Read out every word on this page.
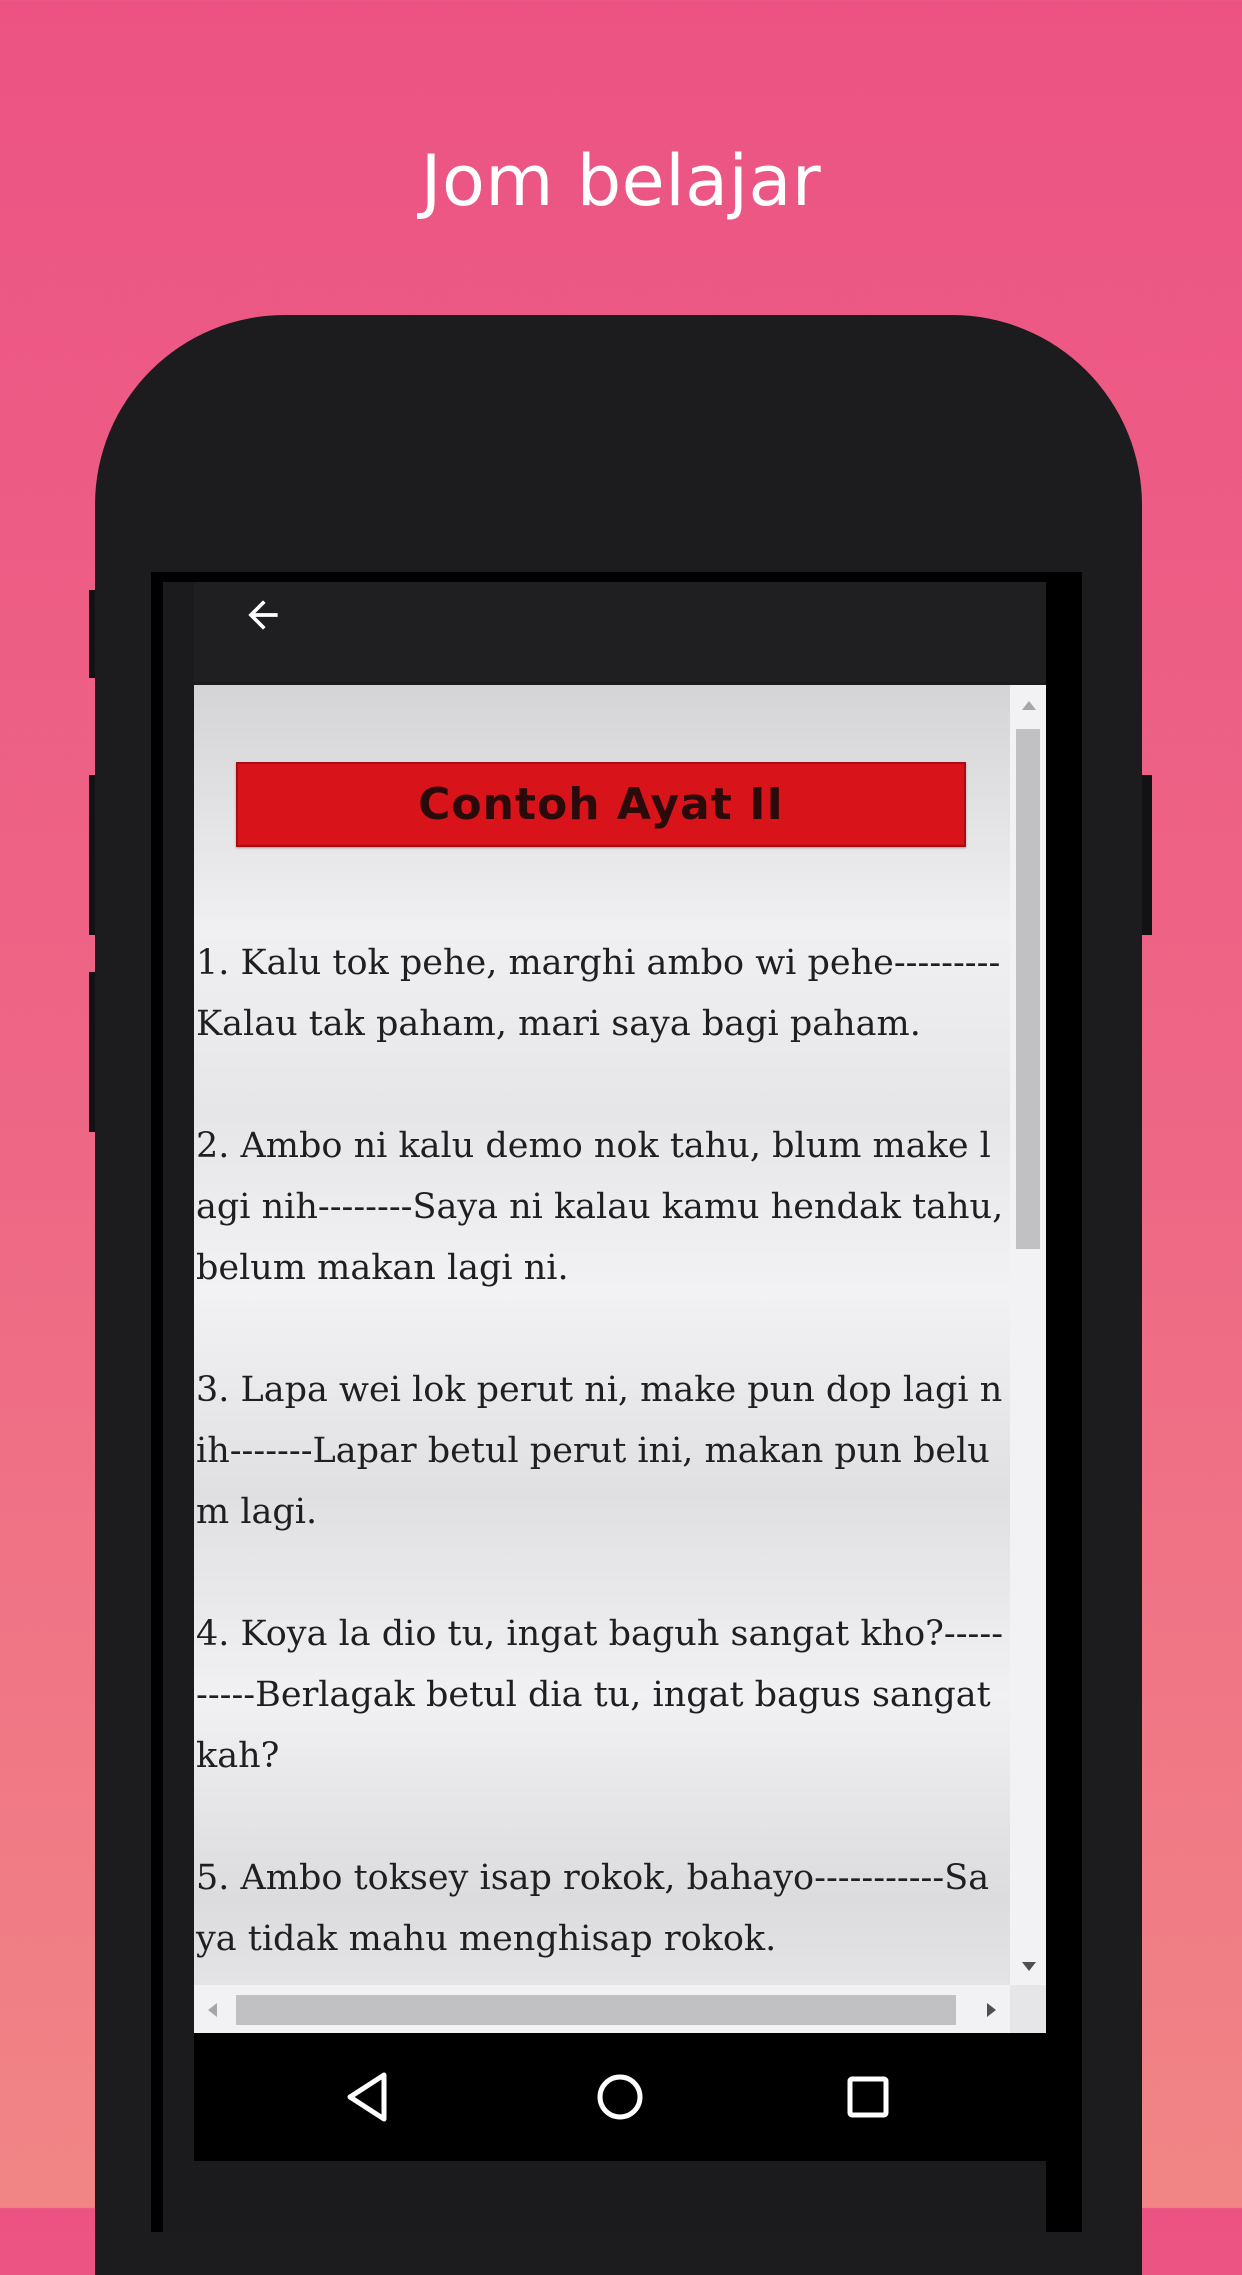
Jom belajar
Contoh Ayat II

1. Kalu tok pehe, marghi ambo wi pehe---------Kalau tak paham, mari saya bagi paham.

2. Ambo ni kalu demo nok tahu, blum make lagi nih--------Saya ni kalau kamu hendak tahu, belum makan lagi ni.

3. Lapa wei lok perut ni, make pun dop lagi nih-------Lapar betul perut ini, makan pun belum lagi.

4. Koya la dio tu, ingat baguh sangat kho?----------Berlagak betul dia tu, ingat bagus sangat kah?

5. Ambo toksey isap rokok, bahayo-----------Saya tidak mahu menghisap rokok.
